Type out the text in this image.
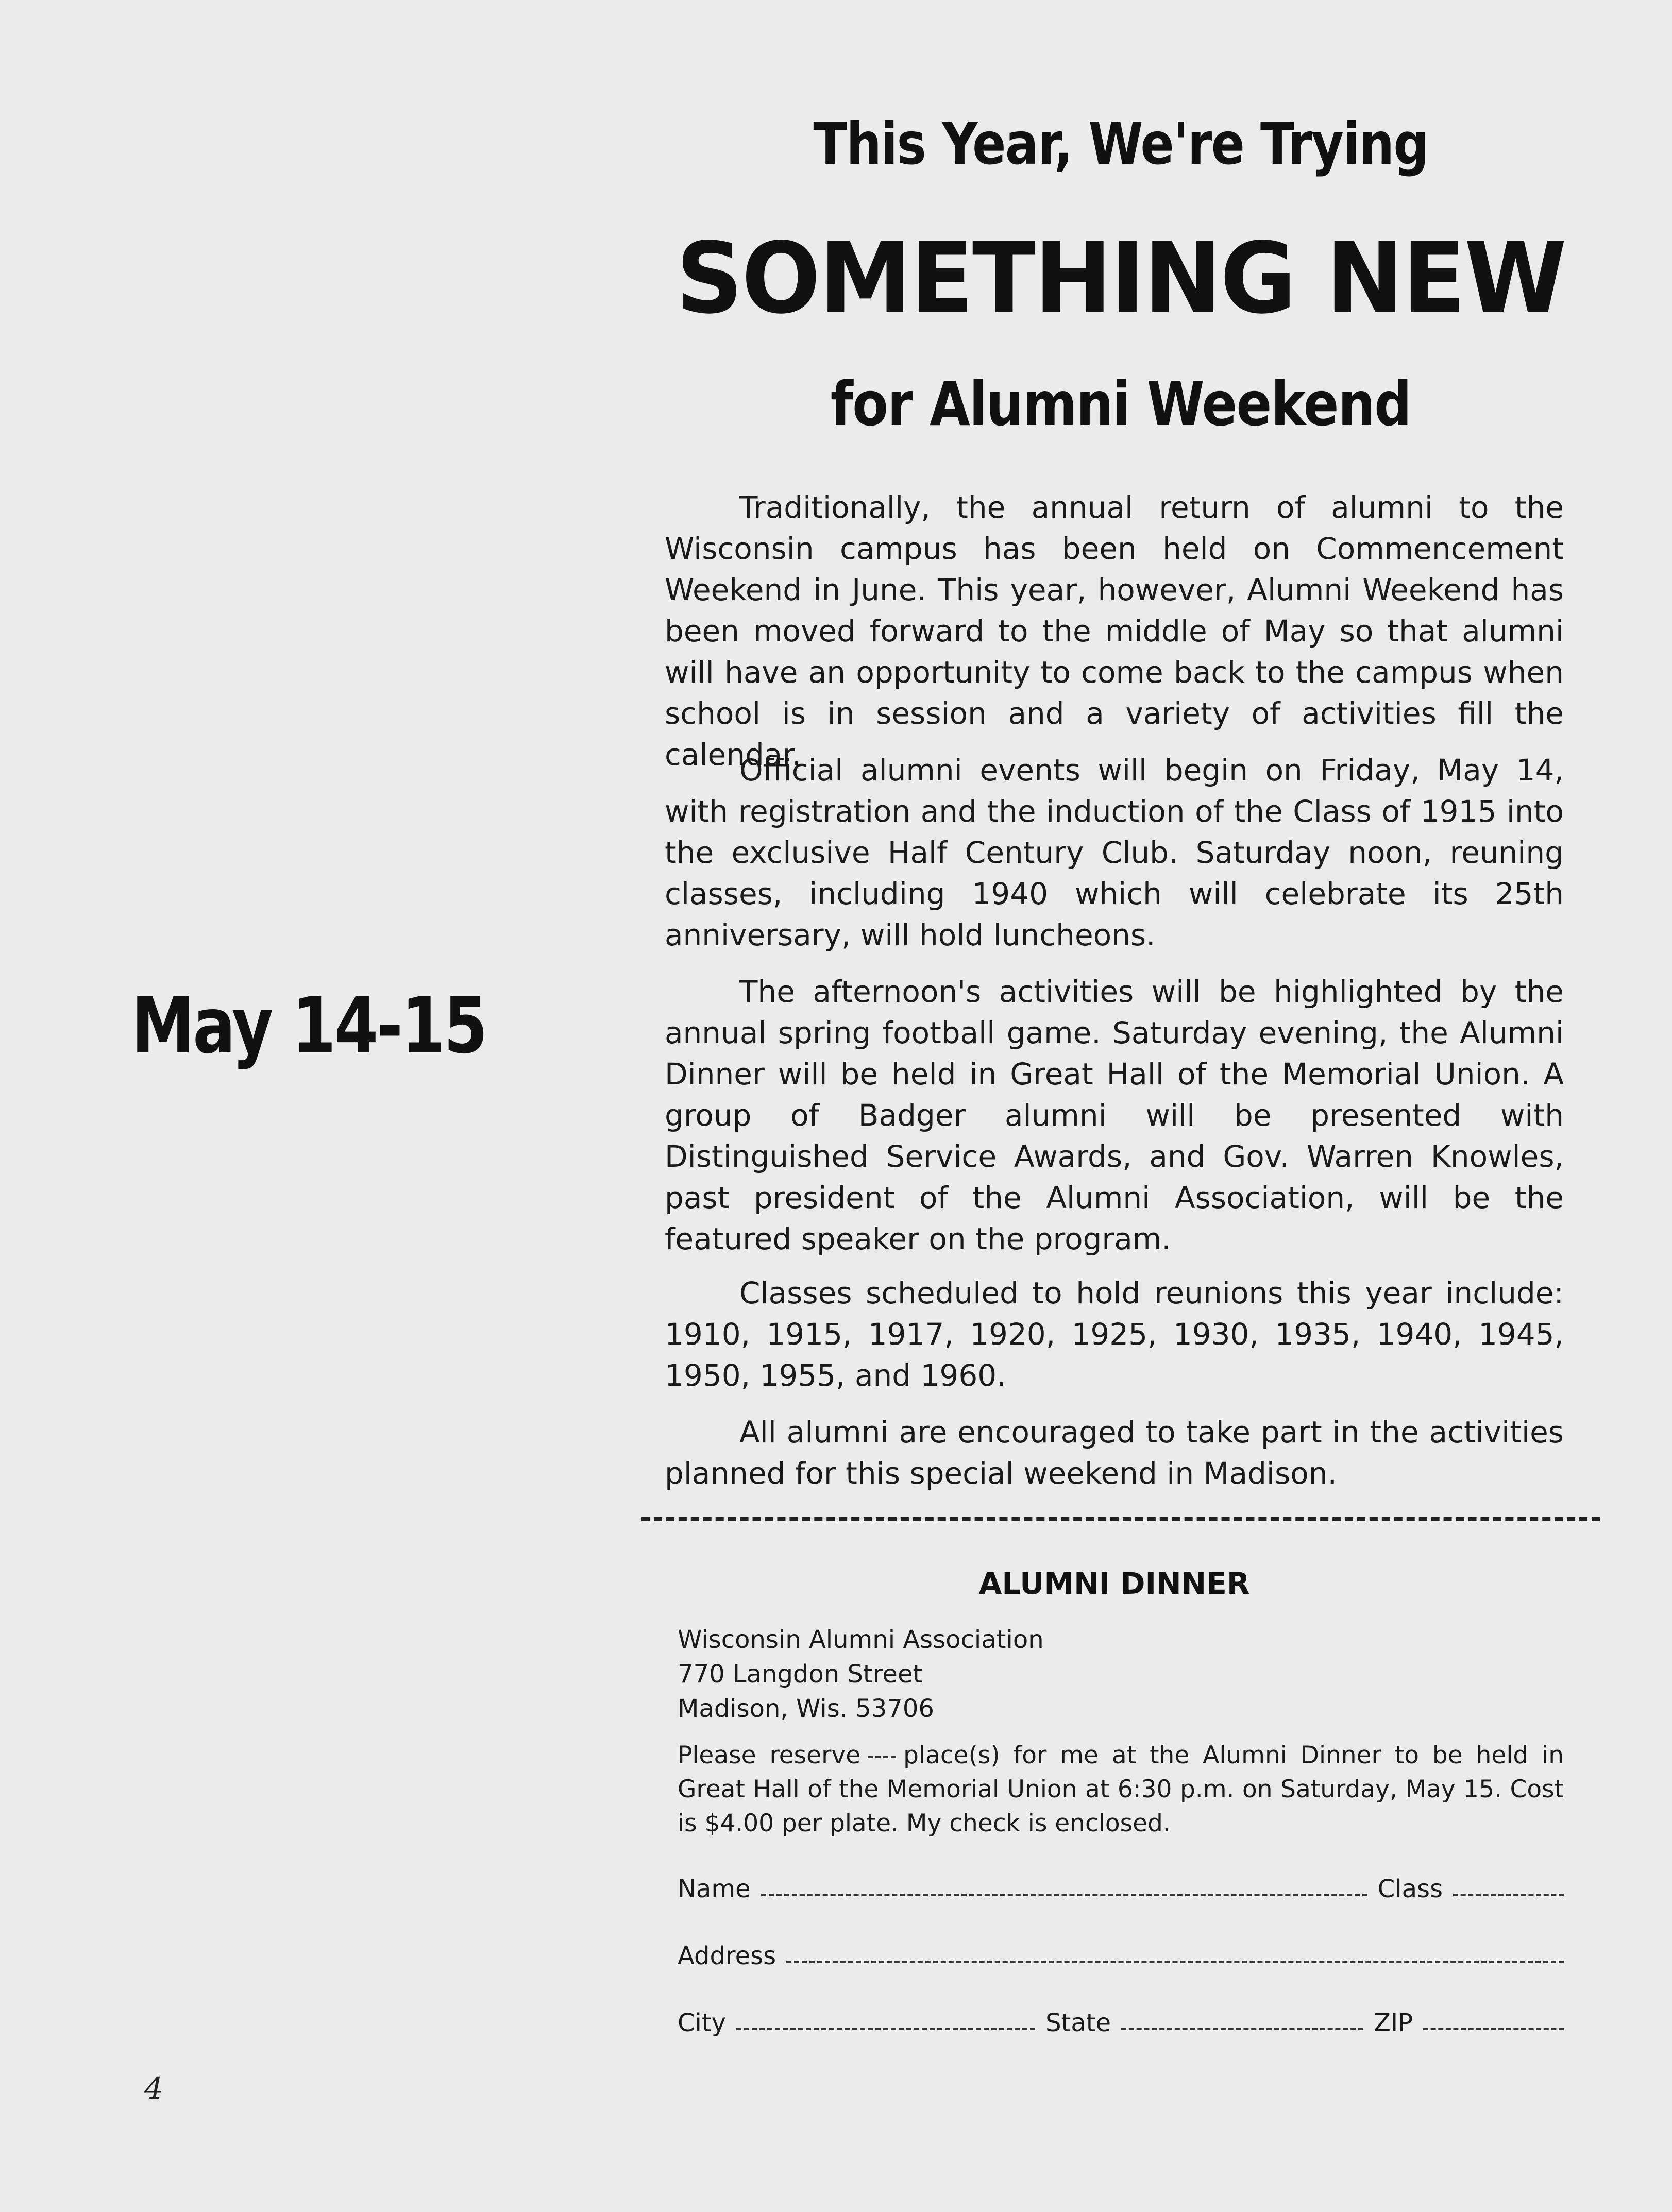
This Year, We're Trying
SOMETHING NEW
for Alumni Weekend
May 14-15

Traditionally, the annual return of alumni to the Wisconsin campus has been held on Commencement Weekend in June. This year, however, Alumni Weekend has been moved forward to the middle of May so that alumni will have an opportunity to come back to the campus when school is in session and a variety of activities fill the calendar.

Official alumni events will begin on Friday, May 14, with registration and the induction of the Class of 1915 into the exclusive Half Century Club. Saturday noon, reuning classes, including 1940 which will celebrate its 25th anniversary, will hold luncheons.

The afternoon's activities will be highlighted by the annual spring football game. Saturday evening, the Alumni Dinner will be held in Great Hall of the Memorial Union. A group of Badger alumni will be presented with Distinguished Service Awards, and Gov. Warren Knowles, past president of the Alumni Association, will be the featured speaker on the program.

Classes scheduled to hold reunions this year include: 1910, 1915, 1917, 1920, 1925, 1930, 1935, 1940, 1945, 1950, 1955, and 1960.

All alumni are encouraged to take part in the activities planned for this special weekend in Madison.

ALUMNI DINNER
Wisconsin Alumni Association
770 Langdon Street
Madison, Wis. 53706
Please reserve place(s) for me at the Alumni Dinner to be held in Great Hall of the Memorial Union at 6:30 p.m. on Saturday, May 15. Cost is $4.00 per plate. My check is enclosed.
Name	Class
Address
City	State	ZIP
4
